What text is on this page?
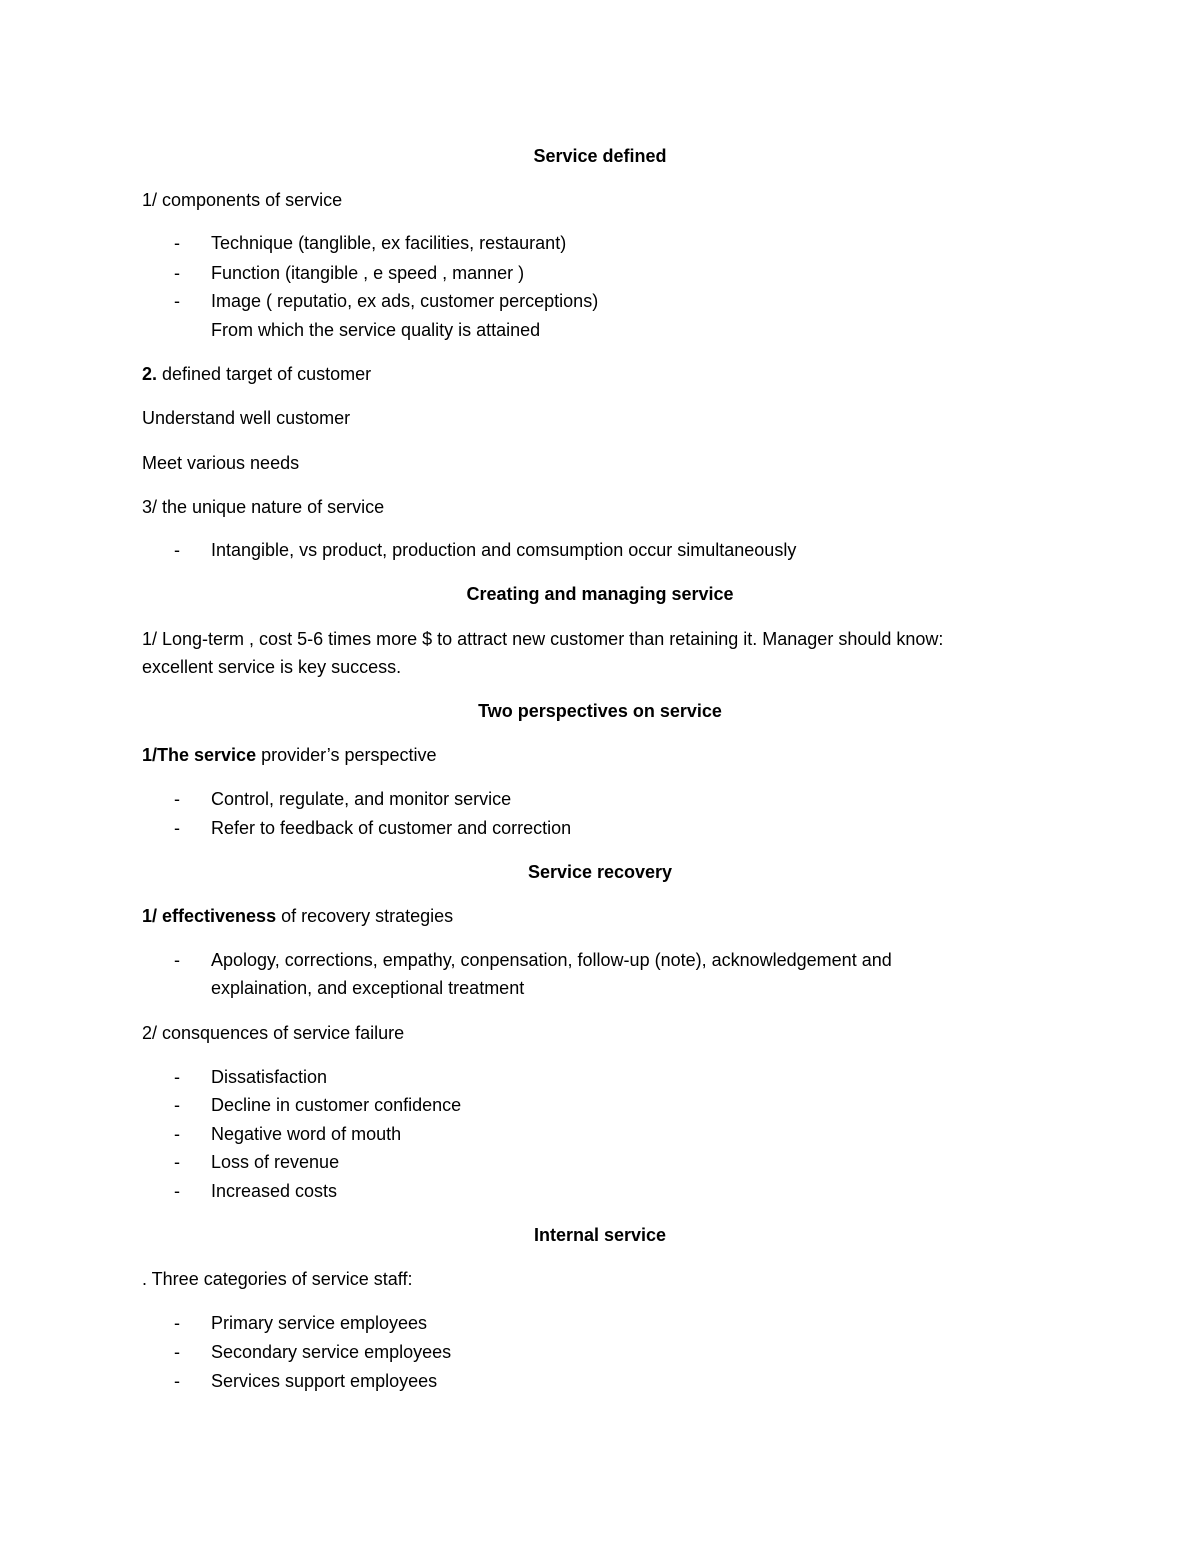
Service defined
1/ components of service
- Technique (tanglible, ex facilities, restaurant)
- Function (itangible , e speed , manner )
- Image ( reputatio, ex ads, customer perceptions)
From which the service quality is attained
2. defined target of customer
Understand well customer
Meet various needs
3/ the unique nature of service
- Intangible, vs product, production and comsumption occur simultaneously
Creating and managing service
1/ Long-term , cost 5-6 times more $ to attract new customer than retaining it. Manager should know:
excellent service is key success.
Two perspectives on service
1/The service provider’s perspective
- Control, regulate, and monitor service
- Refer to feedback of customer and correction
Service recovery
1/ effectiveness of recovery strategies
- Apology, corrections, empathy, conpensation, follow-up (note), acknowledgement and
explaination, and exceptional treatment
2/ consquences of service failure
- Dissatisfaction
- Decline in customer confidence
- Negative word of mouth
- Loss of revenue
- Increased costs
Internal service
. Three categories of service staff:
- Primary service employees
- Secondary service employees
- Services support employees
